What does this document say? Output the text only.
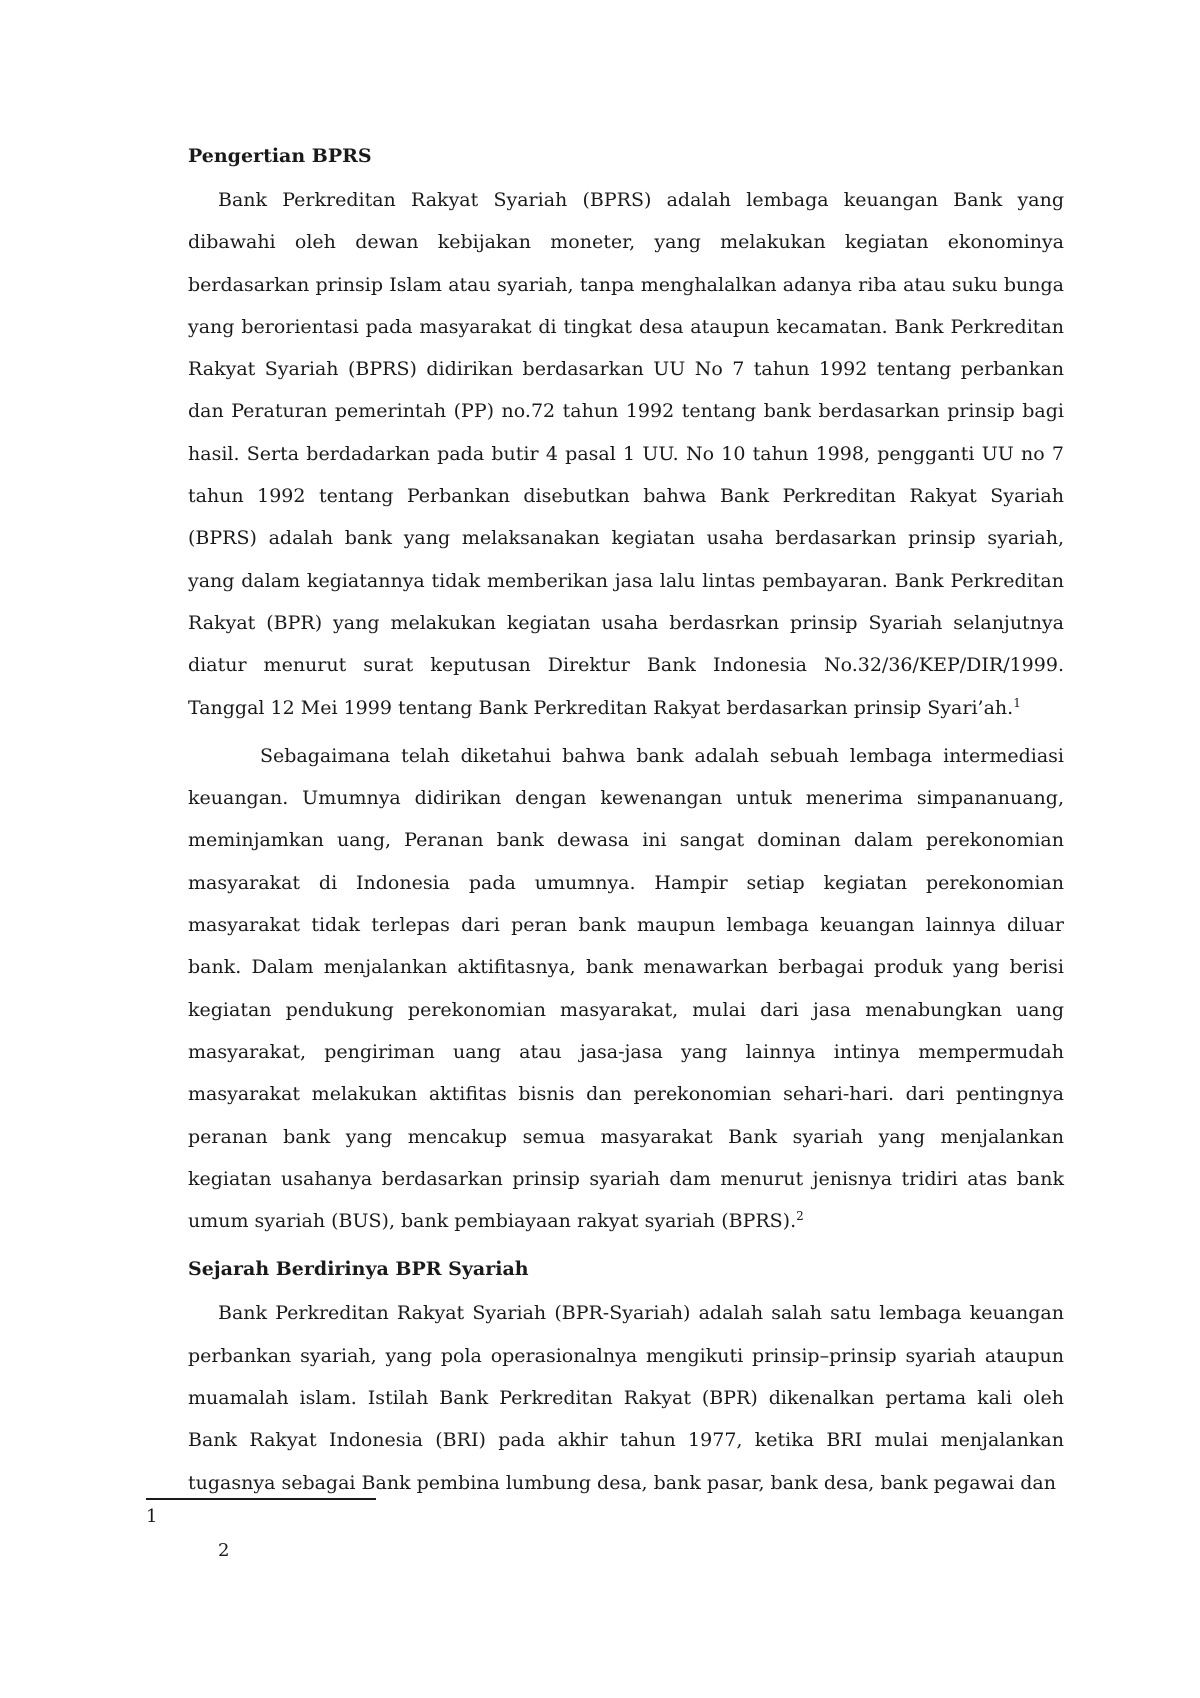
Pengertian BPRS

Bank Perkreditan Rakyat Syariah (BPRS) adalah lembaga keuangan Bank yang dibawahi oleh dewan kebijakan moneter, yang melakukan kegiatan ekonominya berdasarkan prinsip Islam atau syariah, tanpa menghalalkan adanya riba atau suku bunga yang berorientasi pada masyarakat di tingkat desa ataupun kecamatan. Bank Perkreditan Rakyat Syariah (BPRS) didirikan berdasarkan UU No 7 tahun 1992 tentang perbankan dan Peraturan pemerintah (PP) no.72 tahun 1992 tentang bank berdasarkan prinsip bagi hasil. Serta berdadarkan pada butir 4 pasal 1 UU. No 10 tahun 1998, pengganti UU no 7 tahun 1992 tentang Perbankan disebutkan bahwa Bank Perkreditan Rakyat Syariah (BPRS) adalah bank yang melaksanakan kegiatan usaha berdasarkan prinsip syariah, yang dalam kegiatannya tidak memberikan jasa lalu lintas pembayaran. Bank Perkreditan Rakyat (BPR) yang melakukan kegiatan usaha berdasrkan prinsip Syariah selanjutnya diatur menurut surat keputusan Direktur Bank Indonesia No.32/36/KEP/DIR/1999. Tanggal 12 Mei 1999 tentang Bank Perkreditan Rakyat berdasarkan prinsip Syari’ah.$^1$

Sebagaimana telah diketahui bahwa bank adalah sebuah lembaga intermediasi keuangan. Umumnya didirikan dengan kewenangan untuk menerima simpananuang, meminjamkan uang, Peranan bank dewasa ini sangat dominan dalam perekonomian masyarakat di Indonesia pada umumnya. Hampir setiap kegiatan perekonomian masyarakat tidak terlepas dari peran bank maupun lembaga keuangan lainnya diluar bank. Dalam menjalankan aktifitasnya, bank menawarkan berbagai produk yang berisi kegiatan pendukung perekonomian masyarakat, mulai dari jasa menabungkan uang masyarakat, pengiriman uang atau jasa-jasa yang lainnya intinya mempermudah masyarakat melakukan aktifitas bisnis dan perekonomian sehari-hari. dari pentingnya peranan bank yang mencakup semua masyarakat Bank syariah yang menjalankan kegiatan usahanya berdasarkan prinsip syariah dam menurut jenisnya tridiri atas bank umum syariah (BUS), bank pembiayaan rakyat syariah (BPRS).$^2$

Sejarah Berdirinya BPR Syariah

Bank Perkreditan Rakyat Syariah (BPR-Syariah) adalah salah satu lembaga keuangan perbankan syariah, yang pola operasionalnya mengikuti prinsip–prinsip syariah ataupun muamalah islam. Istilah Bank Perkreditan Rakyat (BPR) dikenalkan pertama kali oleh Bank Rakyat Indonesia (BRI) pada akhir tahun 1977, ketika BRI mulai menjalankan tugasnya sebagai Bank pembina lumbung desa, bank pasar, bank desa, bank pegawai dan

1
2
